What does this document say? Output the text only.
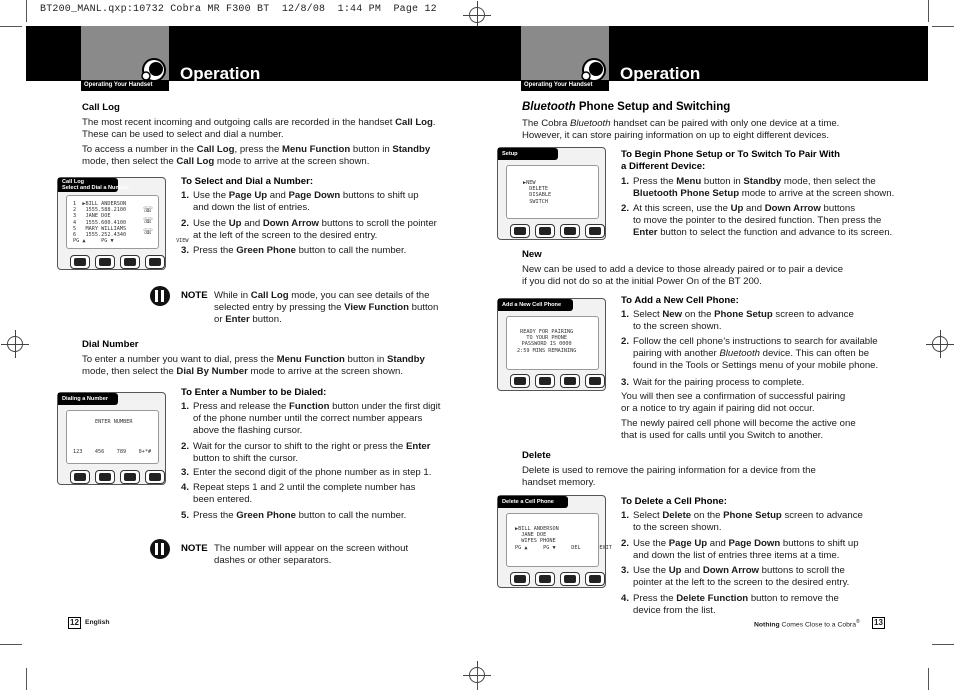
BT200_MANL.qxp:10732 Cobra MR F300 BT  12/8/08  1:44 PM  Page 12
Operating Your Handset	Operating Your Handset
Operation	Operation
Call Log
The most recent incoming and outgoing calls are recorded in the handset Call Log.
These can be used to select and dial a number.
To access a number in the Call Log, press the Menu Function button in Standby
mode, then select the Call Log mode to arrive at the screen shown.
Call Log
Select and Dial a Number
1  ▶BILL ANDERSON
2   1555.588.2100
3   JANE DOE
4   1555.600.4100
5   MARY WILLIAMS
6   1555.252.4340
PG ▲     PG ▼                    VIEW
☏
☏
☏
To Select and Dial a Number:
1. Use the Page Up and Page Down buttons to shift up
and down the list of entries.
2. Use the Up and Down Arrow buttons to scroll the pointer
at the left of the screen to the desired entry.
3. Press the Green Phone button to call the number.
NOTE While in Call Log mode, you can see details of the
selected entry by pressing the View Function button
or Enter button.
Dial Number
To enter a number you want to dial, press the Menu Function button in Standby
mode, then select the Dial By Number mode to arrive at the screen shown.
Dialing a Number
ENTER NUMBER
123    456    789    0+*#
To Enter a Number to be Dialed:
1. Press and release the Function button under the first digit
of the phone number until the correct number appears
above the flashing cursor.
2. Wait for the cursor to shift to the right or press the Enter
button to shift the cursor.
3. Enter the second digit of the phone number as in step 1.
4. Repeat steps 1 and 2 until the complete number has
been entered.
5. Press the Green Phone button to call the number.
NOTE The number will appear on the screen without
dashes or other separators.
12 English
Bluetooth Phone Setup and Switching
The Cobra Bluetooth handset can be paired with only one device at a time.
However, it can store pairing information on up to eight different devices.
Setup
▶NEW
DELETE
DISABLE
SWITCH
To Begin Phone Setup or To Switch To Pair With
a Different Device:
1. Press the Menu button in Standby mode, then select the
Bluetooth Phone Setup mode to arrive at the screen shown.
2. At this screen, use the Up and Down Arrow buttons
to move the pointer to the desired function. Then press the
Enter button to select the function and advance to its screen.
New
New can be used to add a device to those already paired or to pair a device
if you did not do so at the initial Power On of the BT 200.
Add a New Cell Phone
READY FOR PAIRING
TO YOUR PHONE
PASSWORD IS 0000
2:59 MINS REMAINING
To Add a New Cell Phone:
1. Select New on the Phone Setup screen to advance
to the screen shown.
2. Follow the cell phone’s instructions to search for available
pairing with another Bluetooth device. This can often be
found in the Tools or Settings menu of your mobile phone.
3. Wait for the pairing process to complete.
You will then see a confirmation of successful pairing
or a notice to try again if pairing did not occur.
The newly paired cell phone will become the active one
that is used for calls until you Switch to another.
Delete
Delete is used to remove the pairing information for a device from the
handset memory.
Delete a Cell Phone
▶BILL ANDERSON
JANE DOE
WIFES PHONE
PG ▲     PG ▼     DEL      EXIT
To Delete a Cell Phone:
1. Select Delete on the Phone Setup screen to advance
to the screen shown.
2. Use the Page Up and Page Down buttons to shift up
and down the list of entries three items at a time.
3. Use the Up and Down Arrow buttons to scroll the
pointer at the left to the screen to the desired entry.
4. Press the Delete Function button to remove the
device from the list.
Nothing Comes Close to a Cobra® 13
